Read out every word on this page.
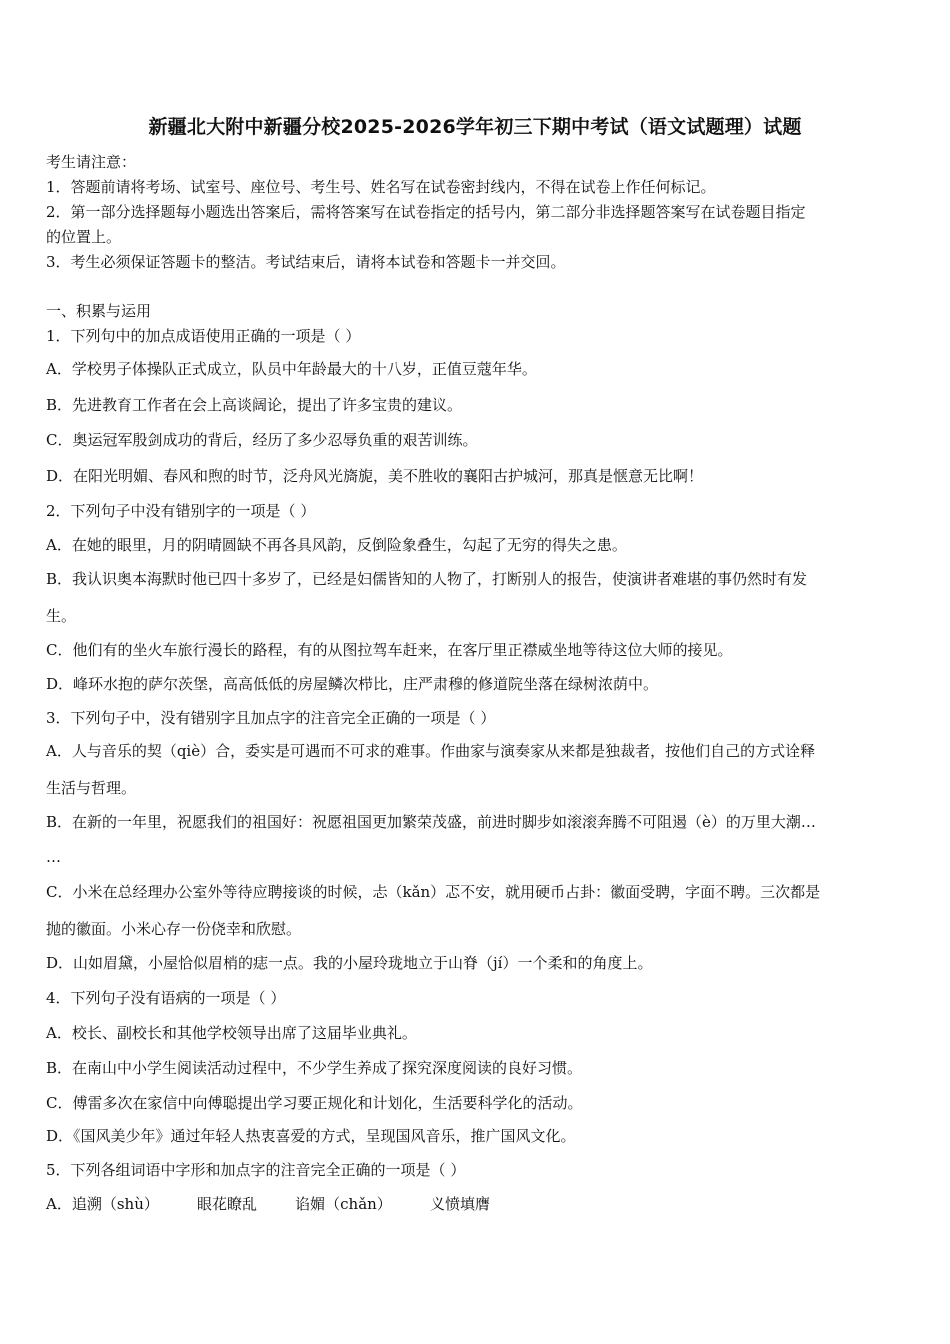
新疆北大附中新疆分校2025-2026学年初三下期中考试（语文试题理）试题
考生请注意：
1．答题前请将考场、试室号、座位号、考生号、姓名写在试卷密封线内，不得在试卷上作任何标记。
2．第一部分选择题每小题选出答案后，需将答案写在试卷指定的括号内，第二部分非选择题答案写在试卷题目指定
的位置上。
3．考生必须保证答题卡的整洁。考试结束后，请将本试卷和答题卡一并交回。
一、积累与运用
1．下列句中的加点成语使用正确的一项是（ ）
A．学校男子体操队正式成立，队员中年龄最大的十八岁，正值豆蔻年华。
B．先进教育工作者在会上高谈阔论，提出了许多宝贵的建议。
C．奥运冠军殷剑成功的背后，经历了多少忍辱负重的艰苦训练。
D．在阳光明媚、春风和煦的时节，泛舟风光旖旎，美不胜收的襄阳古护城河，那真是惬意无比啊！
2．下列句子中没有错别字的一项是（ ）
A．在她的眼里，月的阴晴圆缺不再各具风韵，反倒险象叠生，勾起了无穷的得失之患。
B．我认识奥本海默时他已四十多岁了，已经是妇儒皆知的人物了，打断别人的报告，使演讲者难堪的事仍然时有发
生。
C．他们有的坐火车旅行漫长的路程，有的从图拉驾车赶来，在客厅里正襟威坐地等待这位大师的接见。
D．峰环水抱的萨尔茨堡，高高低低的房屋鳞次栉比，庄严肃穆的修道院坐落在绿树浓荫中。
3．下列句子中，没有错别字且加点字的注音完全正确的一项是（ ）
A．人与音乐的契（qiè）合，委实是可遇而不可求的难事。作曲家与演奏家从来都是独裁者，按他们自己的方式诠释
生活与哲理。
B．在新的一年里，祝愿我们的祖国好：祝愿祖国更加繁荣茂盛，前进时脚步如滚滚奔腾不可阻遏（è）的万里大潮…
…
C．小米在总经理办公室外等待应聘接谈的时候，忐（kǎn）忑不安，就用硬币占卦：徽面受聘，字面不聘。三次都是
抛的徽面。小米心存一份侥幸和欣慰。
D．山如眉黛，小屋恰似眉梢的痣一点。我的小屋玲珑地立于山脊（jí）一个柔和的角度上。
4．下列句子没有语病的一项是（ ）
A．校长、副校长和其他学校领导出席了这届毕业典礼。
B．在南山中小学生阅读活动过程中，不少学生养成了探究深度阅读的良好习惯。
C．傅雷多次在家信中向傅聪提出学习要正规化和计划化，生活要科学化的活动。
D．《国风美少年》通过年轻人热衷喜爱的方式，呈现国风音乐，推广国风文化。
5．下列各组词语中字形和加点字的注音完全正确的一项是（ ）
A．追溯（shù）        眼花瞭乱        谄媚（chǎn）        义愤填膺
